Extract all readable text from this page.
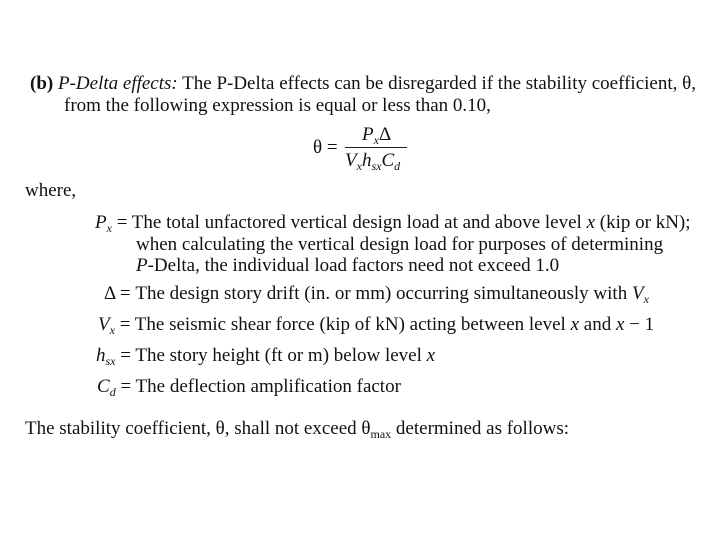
(b) P-Delta effects: The P-Delta effects can be disregarded if the stability coefficient, θ,
from the following expression is equal or less than 0.10,
θ =
$P_x\Delta$
$V_xh_{sx}C_d$
where,
$P_x$ = The total unfactored vertical design load at and above level x (kip or kN);
when calculating the vertical design load for purposes of determining
P-Delta, the individual load factors need not exceed 1.0
Δ = The design story drift (in. or mm) occurring simultaneously with $V_x$
$V_x$ = The seismic shear force (kip of kN) acting between level x and x − 1
$h_{sx}$ = The story height (ft or m) below level x
$C_d$ = The deflection amplification factor
The stability coefficient, θ, shall not exceed $\theta_{max}$ determined as follows:
